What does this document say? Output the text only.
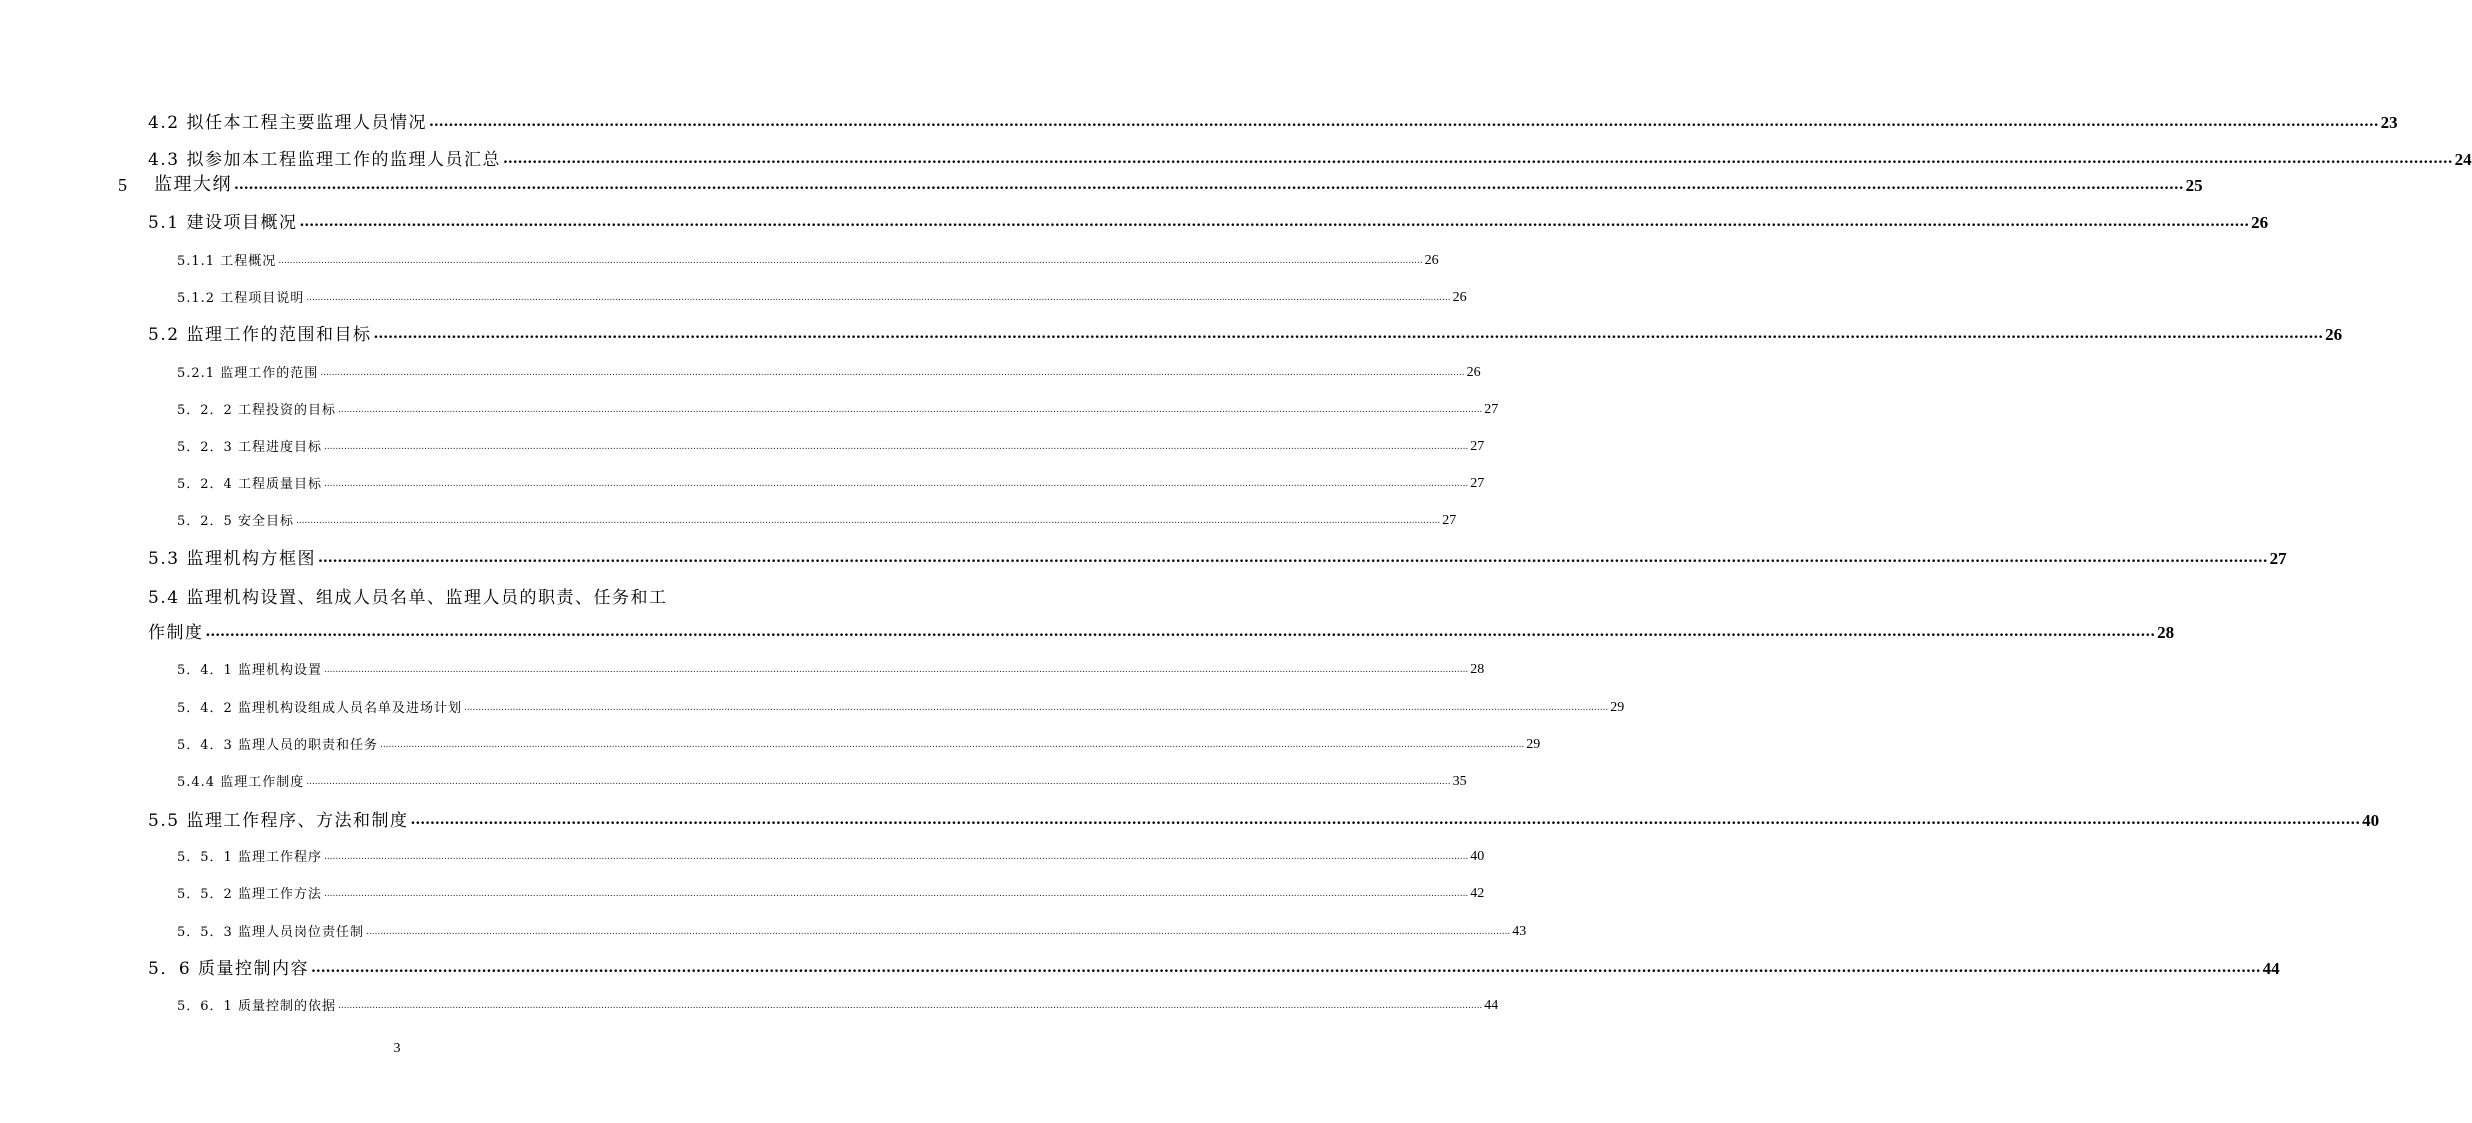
4.2 拟任本工程主要监理人员情况 ................................................................................................................................................................................................................................................................................................................................................................................................................ 23
4.3 拟参加本工程监理工作的监理人员汇总 ................................................................................................................................................................................................................................................................................................................................................................................................................ 24
5	监理大纲 ................................................................................................................................................................................................................................................................................................................................................................................................................ 25
5.1 建设项目概况 ................................................................................................................................................................................................................................................................................................................................................................................................................ 26
5.1.1 工程概况 ................................................................................................................................................................................................................................................................................................................................................................................................................ 26
5.1.2 工程项目说明 ................................................................................................................................................................................................................................................................................................................................................................................................................ 26
5.2 监理工作的范围和目标 ................................................................................................................................................................................................................................................................................................................................................................................................................ 26
5.2.1 监理工作的范围 ................................................................................................................................................................................................................................................................................................................................................................................................................ 26
5．2．2 工程投资的目标 ................................................................................................................................................................................................................................................................................................................................................................................................................ 27
5．2．3 工程进度目标 ................................................................................................................................................................................................................................................................................................................................................................................................................ 27
5．2．4 工程质量目标 ................................................................................................................................................................................................................................................................................................................................................................................................................ 27
5．2．5 安全目标 ................................................................................................................................................................................................................................................................................................................................................................................................................ 27
5.3 监理机构方框图 ................................................................................................................................................................................................................................................................................................................................................................................................................ 27
5.4 监理机构设置、组成人员名单、监理人员的职责、任务和工
作制度 ................................................................................................................................................................................................................................................................................................................................................................................................................ 28
5．4．1 监理机构设置 ................................................................................................................................................................................................................................................................................................................................................................................................................ 28
5．4．2 监理机构设组成人员名单及进场计划 ................................................................................................................................................................................................................................................................................................................................................................................................................ 29
5．4．3 监理人员的职责和任务 ................................................................................................................................................................................................................................................................................................................................................................................................................ 29
5.4.4 监理工作制度 ................................................................................................................................................................................................................................................................................................................................................................................................................ 35
5.5 监理工作程序、方法和制度 ................................................................................................................................................................................................................................................................................................................................................................................................................ 40
5．5．1 监理工作程序 ................................................................................................................................................................................................................................................................................................................................................................................................................ 40
5．5．2 监理工作方法 ................................................................................................................................................................................................................................................................................................................................................................................................................ 42
5．5．3 监理人员岗位责任制 ................................................................................................................................................................................................................................................................................................................................................................................................................ 43
5．6 质量控制内容 ................................................................................................................................................................................................................................................................................................................................................................................................................ 44
5．6．1 质量控制的依据 ................................................................................................................................................................................................................................................................................................................................................................................................................ 44
3
